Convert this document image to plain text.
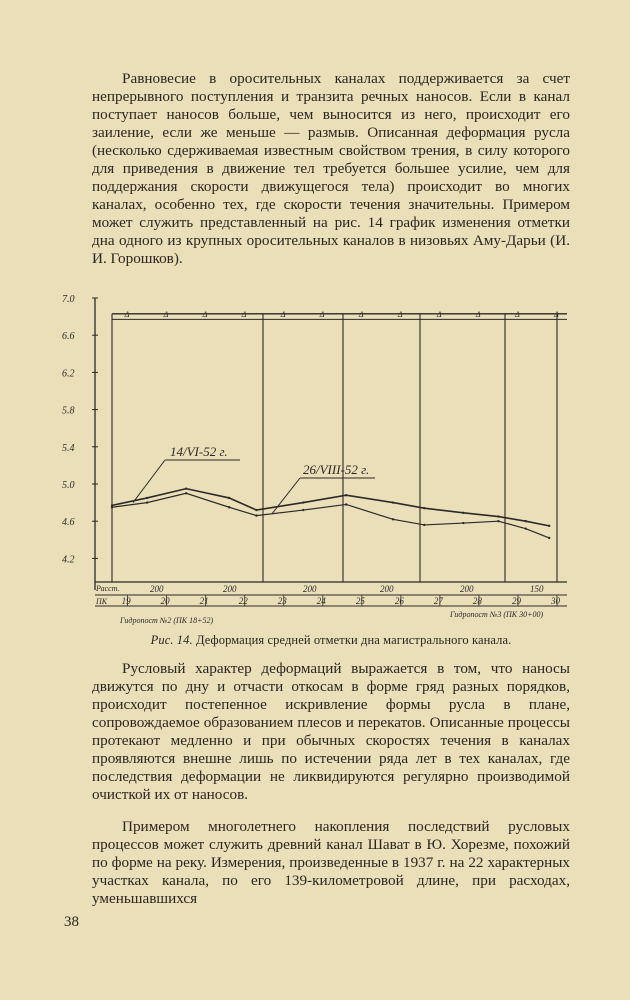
Равновесие в оросительных каналах поддерживается за счет непрерывного поступления и транзита речных наносов. Если в канал поступает наносов больше, чем выносится из него, происходит его заиление, если же меньше — размыв. Описанная деформация русла (несколько сдерживаемая известным свойством трения, в силу которого для приведения в движение тел требуется большее усилие, чем для поддержания скорости движущегося тела) происходит во многих каналах, особенно тех, где скорости течения значительны. Примером может служить представленный на рис. 14 график изменения отметки дна одного из крупных оросительных каналов в низовьях Аму-Дарьи (И. И. Горошков).

4.2
4.6
5.0
5.4
5.8
6.2
6.6
7.0
Δ	Δ	Δ	Δ	Δ	Δ	Δ	Δ	Δ	Δ	Δ	Δ
14/VI-52 г.
26/VIII-52 г.
Расст.
ПК
200	200	200	200	200	150
19	20	21	22	23	24	25	26	27	28	29	30
Гидропост №2 (ПК 18+52)
Гидропост №3 (ПК 30+00)
Рис. 14. Деформация средней отметки дна магистрального канала.

Русловый характер деформаций выражается в том, что наносы движутся по дну и отчасти откосам в форме гряд разных порядков, происходит постепенное искривление формы русла в плане, сопровождаемое образованием плесов и перекатов. Описанные процессы протекают медленно и при обычных скоростях течения в каналах проявляются внешне лишь по истечении ряда лет в тех каналах, где последствия деформации не ликвидируются регулярно производимой очисткой их от наносов.

Примером многолетнего накопления последствий русловых процессов может служить древний канал Шават в Ю. Хорезме, похожий по форме на реку. Измерения, произведенные в 1937 г. на 22 характерных участках канала, по его 139-километровой длине, при расходах, уменьшавшихся

38
